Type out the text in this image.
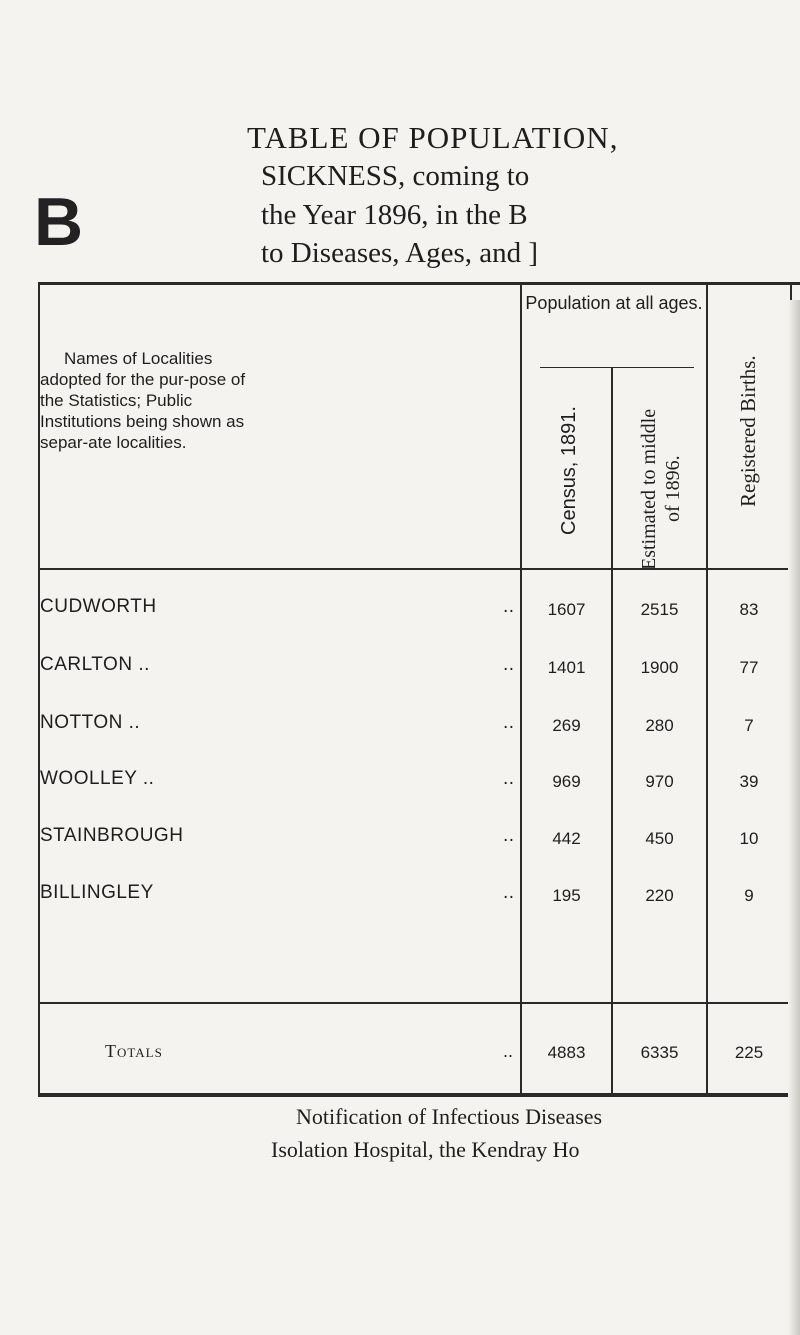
B
TABLE OF POPULATION,
SICKNESS, coming to
the Year 1896, in the B
to Diseases, Ages, and ]
Names of Localities
adopted for the pur-pose of the Statistics; Public Institutions being shown as separ-ate localities.
Population at all ages.
Census, 1891.	Estimated to middle of 1896. Registered Births.
CUDWORTH	..	1607	2515	83
CARLTON ..	..	1401	1900	77
NOTTON ..	..	269	280	7
WOOLLEY ..	..	969	970	39
STAINBROUGH	..	442	450	10
BILLINGLEY	..	195	220	9
Totals	..	4883	6335	225
Notification of Infectious Diseases
Isolation Hospital, the Kendray Ho
